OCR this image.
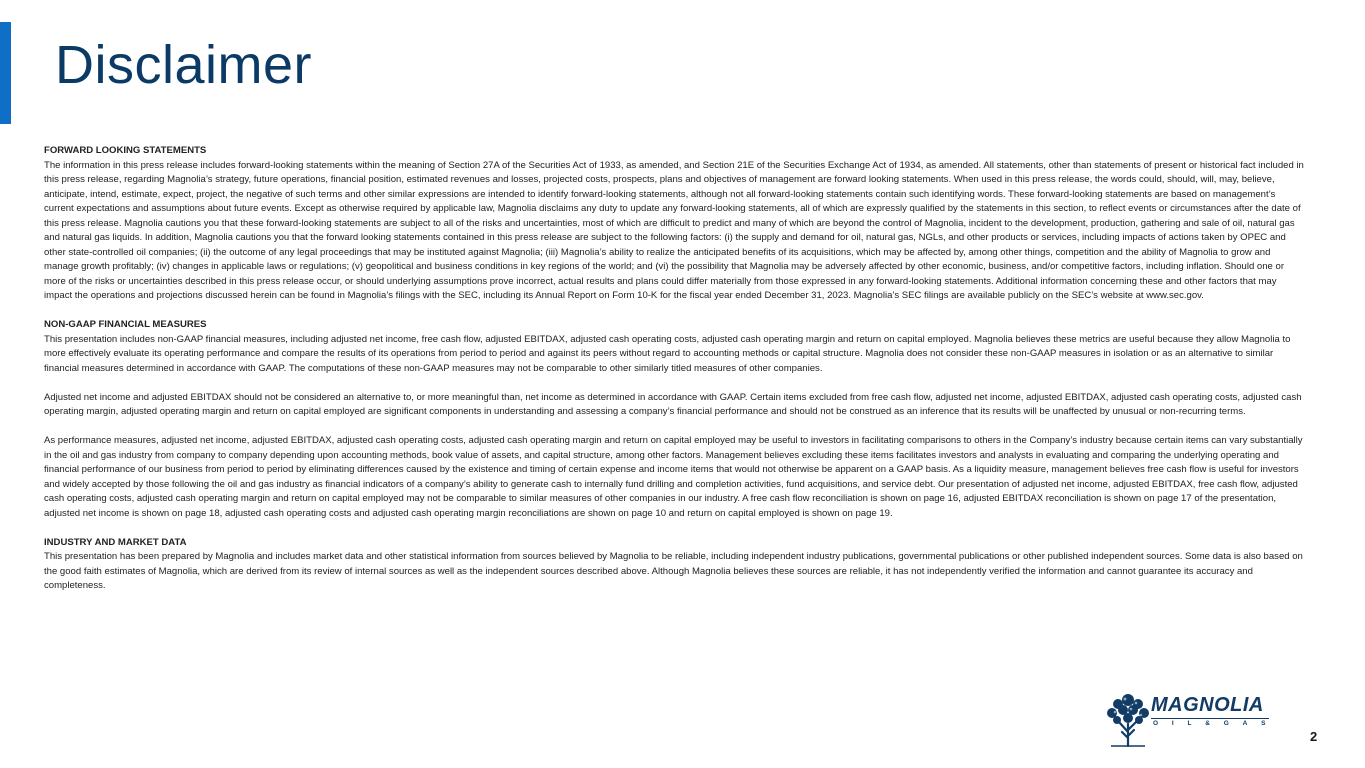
Disclaimer

FORWARD LOOKING STATEMENTS

The information in this press release includes forward-looking statements within the meaning of Section 27A of the Securities Act of 1933, as amended, and Section 21E of the Securities Exchange Act of 1934, as amended. All statements, other than statements of present or historical fact included in this press release, regarding Magnolia’s strategy, future operations, financial position, estimated revenues and losses, projected costs, prospects, plans and objectives of management are forward looking statements. When used in this press release, the words could, should, will, may, believe, anticipate, intend, estimate, expect, project, the negative of such terms and other similar expressions are intended to identify forward-looking statements, although not all forward-looking statements contain such identifying words. These forward-looking statements are based on management’s current expectations and assumptions about future events. Except as otherwise required by applicable law, Magnolia disclaims any duty to update any forward-looking statements, all of which are expressly qualified by the statements in this section, to reflect events or circumstances after the date of this press release. Magnolia cautions you that these forward-looking statements are subject to all of the risks and uncertainties, most of which are difficult to predict and many of which are beyond the control of Magnolia, incident to the development, production, gathering and sale of oil, natural gas and natural gas liquids. In addition, Magnolia cautions you that the forward looking statements contained in this press release are subject to the following factors: (i) the supply and demand for oil, natural gas, NGLs, and other products or services, including impacts of actions taken by OPEC and other state-controlled oil companies; (ii) the outcome of any legal proceedings that may be instituted against Magnolia; (iii) Magnolia’s ability to realize the anticipated benefits of its acquisitions, which may be affected by, among other things, competition and the ability of Magnolia to grow and manage growth profitably; (iv) changes in applicable laws or regulations; (v) geopolitical and business conditions in key regions of the world; and (vi) the possibility that Magnolia may be adversely affected by other economic, business, and/or competitive factors, including inflation. Should one or more of the risks or uncertainties described in this press release occur, or should underlying assumptions prove incorrect, actual results and plans could differ materially from those expressed in any forward-looking statements. Additional information concerning these and other factors that may impact the operations and projections discussed herein can be found in Magnolia’s filings with the SEC, including its Annual Report on Form 10-K for the fiscal year ended December 31, 2023. Magnolia’s SEC filings are available publicly on the SEC’s website at www.sec.gov.

NON-GAAP FINANCIAL MEASURES

This presentation includes non-GAAP financial measures, including adjusted net income, free cash flow, adjusted EBITDAX, adjusted cash operating costs, adjusted cash operating margin and return on capital employed. Magnolia believes these metrics are useful because they allow Magnolia to more effectively evaluate its operating performance and compare the results of its operations from period to period and against its peers without regard to accounting methods or capital structure. Magnolia does not consider these non-GAAP measures in isolation or as an alternative to similar financial measures determined in accordance with GAAP. The computations of these non-GAAP measures may not be comparable to other similarly titled measures of other companies.

Adjusted net income and adjusted EBITDAX should not be considered an alternative to, or more meaningful than, net income as determined in accordance with GAAP. Certain items excluded from free cash flow, adjusted net income, adjusted EBITDAX, adjusted cash operating costs, adjusted cash operating margin, adjusted operating margin and return on capital employed are significant components in understanding and assessing a company’s financial performance and should not be construed as an inference that its results will be unaffected by unusual or non-recurring terms.

As performance measures, adjusted net income, adjusted EBITDAX, adjusted cash operating costs, adjusted cash operating margin and return on capital employed may be useful to investors in facilitating comparisons to others in the Company’s industry because certain items can vary substantially in the oil and gas industry from company to company depending upon accounting methods, book value of assets, and capital structure, among other factors. Management believes excluding these items facilitates investors and analysts in evaluating and comparing the underlying operating and financial performance of our business from period to period by eliminating differences caused by the existence and timing of certain expense and income items that would not otherwise be apparent on a GAAP basis. As a liquidity measure, management believes free cash flow is useful for investors and widely accepted by those following the oil and gas industry as financial indicators of a company’s ability to generate cash to internally fund drilling and completion activities, fund acquisitions, and service debt. Our presentation of adjusted net income, adjusted EBITDAX, free cash flow, adjusted cash operating costs, adjusted cash operating margin and return on capital employed may not be comparable to similar measures of other companies in our industry. A free cash flow reconciliation is shown on page 16, adjusted EBITDAX reconciliation is shown on page 17 of the presentation, adjusted net income is shown on page 18, adjusted cash operating costs and adjusted cash operating margin reconciliations are shown on page 10 and return on capital employed is shown on page 19.

INDUSTRY AND MARKET DATA

This presentation has been prepared by Magnolia and includes market data and other statistical information from sources believed by Magnolia to be reliable, including independent industry publications, governmental publications or other published independent sources. Some data is also based on the good faith estimates of Magnolia, which are derived from its review of internal sources as well as the independent sources described above. Although Magnolia believes these sources are reliable, it has not independently verified the information and cannot guarantee its accuracy and completeness.

MAGNOLIA
OIL&GAS
2
